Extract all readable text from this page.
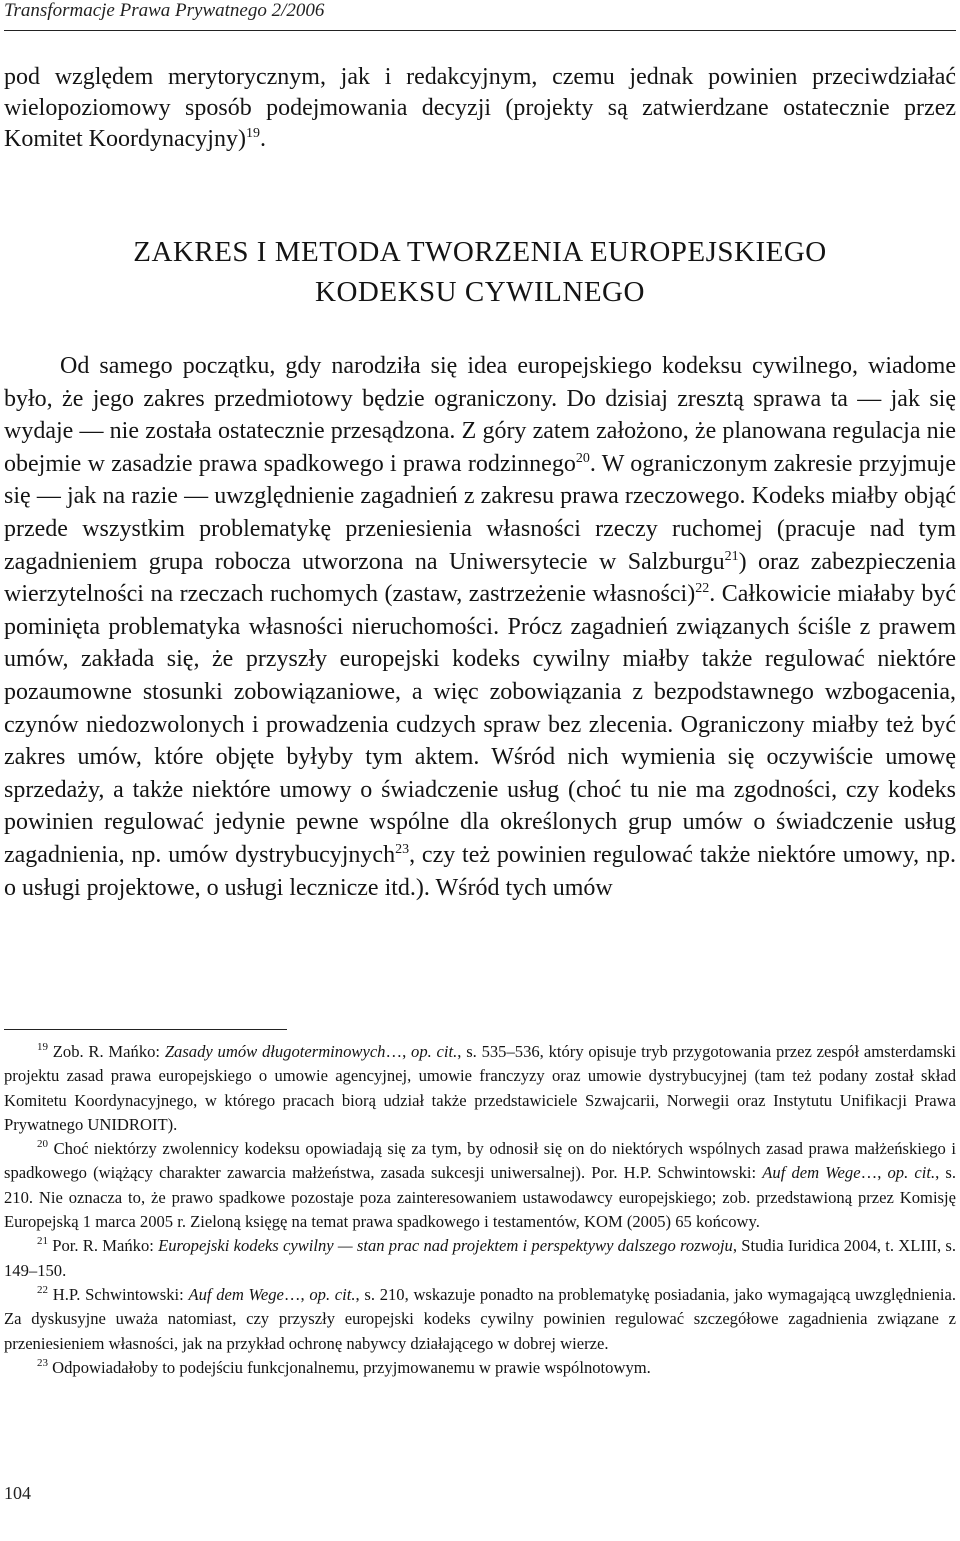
Transformacje Prawa Prywatnego 2/2006
pod względem merytorycznym, jak i redakcyjnym, czemu jednak powinien przeciwdziałać wielopoziomowy sposób podejmowania decyzji (projekty są zatwierdzane ostatecznie przez Komitet Koordynacyjny)$^{19}$.
ZAKRES I METODA TWORZENIA EUROPEJSKIEGO
KODEKSU CYWILNEGO

Od samego początku, gdy narodziła się idea europejskiego kodeksu cywilnego, wiadome było, że jego zakres przedmiotowy będzie ograniczony. Do dzisiaj zresztą sprawa ta — jak się wydaje — nie została ostatecznie przesądzona. Z góry zatem założono, że planowana regulacja nie obejmie w zasadzie prawa spadkowego i prawa rodzinnego$^{20}$. W ograniczonym zakresie przyjmuje się — jak na razie — uwzględnienie zagadnień z zakresu prawa rzeczowego. Kodeks miałby objąć przede wszystkim problematykę przeniesienia własności rzeczy ruchomej (pracuje nad tym zagadnieniem grupa robocza utworzona na Uniwersytecie w Salzburgu$^{21}$) oraz zabezpieczenia wierzytelności na rzeczach ruchomych (zastaw, zastrzeżenie własności)$^{22}$. Całkowicie miałaby być pominięta problematyka własności nieruchomości. Prócz zagadnień związanych ściśle z prawem umów, zakłada się, że przyszły europejski kodeks cywilny miałby także regulować niektóre pozaumowne stosunki zobowiązaniowe, a więc zobowiązania z bezpodstawnego wzbogacenia, czynów niedozwolonych i prowadzenia cudzych spraw bez zlecenia. Ograniczony miałby też być zakres umów, które objęte byłyby tym aktem. Wśród nich wymienia się oczywiście umowę sprzedaży, a także niektóre umowy o świadczenie usług (choć tu nie ma zgodności, czy kodeks powinien regulować jedynie pewne wspólne dla określonych grup umów o świadczenie usług zagadnienia, np. umów dystrybucyjnych$^{23}$, czy też powinien regulować także niektóre umowy, np. o usługi projektowe, o usługi lecznicze itd.). Wśród tych umów

$^{19}$ Zob. R. Mańko: Zasady umów długoterminowych…, op. cit., s. 535–536, który opisuje tryb przygotowania przez zespół amsterdamski projektu zasad prawa europejskiego o umowie agencyjnej, umowie franczyzy oraz umowie dystrybucyjnej (tam też podany został skład Komitetu Koordynacyjnego, w którego pracach biorą udział także przedstawiciele Szwajcarii, Norwegii oraz Instytutu Unifikacji Prawa Prywatnego UNIDROIT).

$^{20}$ Choć niektórzy zwolennicy kodeksu opowiadają się za tym, by odnosił się on do niektórych wspólnych zasad prawa małżeńskiego i spadkowego (wiążący charakter zawarcia małżeństwa, zasada sukcesji uniwersalnej). Por. H.P. Schwintowski: Auf dem Wege…, op. cit., s. 210. Nie oznacza to, że prawo spadkowe pozostaje poza zainteresowaniem ustawodawcy europejskiego; zob. przedstawioną przez Komisję Europejską 1 marca 2005 r. Zieloną księgę na temat prawa spadkowego i testamentów, KOM (2005) 65 końcowy.

$^{21}$ Por. R. Mańko: Europejski kodeks cywilny — stan prac nad projektem i perspektywy dalszego rozwoju, Studia Iuridica 2004, t. XLIII, s. 149–150.

$^{22}$ H.P. Schwintowski: Auf dem Wege…, op. cit., s. 210, wskazuje ponadto na problematykę posiadania, jako wymagającą uwzględnienia. Za dyskusyjne uważa natomiast, czy przyszły europejski kodeks cywilny powinien regulować szczegółowe zagadnienia związane z przeniesieniem własności, jak na przykład ochronę nabywcy działającego w dobrej wierze.

$^{23}$ Odpowiadałoby to podejściu funkcjonalnemu, przyjmowanemu w prawie wspólnotowym.

104
